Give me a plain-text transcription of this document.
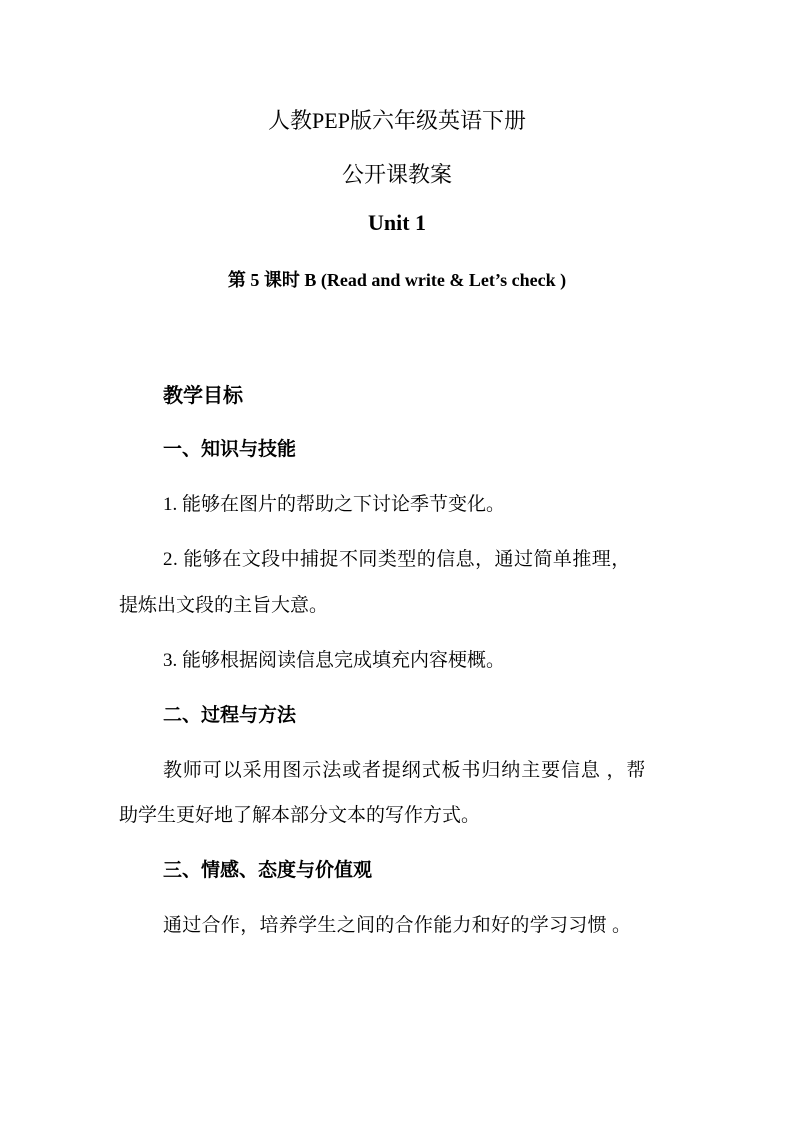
人教PEP版六年级英语下册
公开课教案
Unit 1
第 5 课时 B (Read and write & Let’s check )
教学目标
一、知识与技能
1. 能够在图片的帮助之下讨论季节变化。
2. 能够在文段中捕捉不同类型的信息，通过简单推理，
提炼出文段的主旨大意。
3. 能够根据阅读信息完成填充内容梗概。
二、过程与方法
教师可以采用图示法或者提纲式板书归纳主要信息 ，帮
助学生更好地了解本部分文本的写作方式。
三、情感、态度与价值观
通过合作，培养学生之间的合作能力和好的学习习惯 。
